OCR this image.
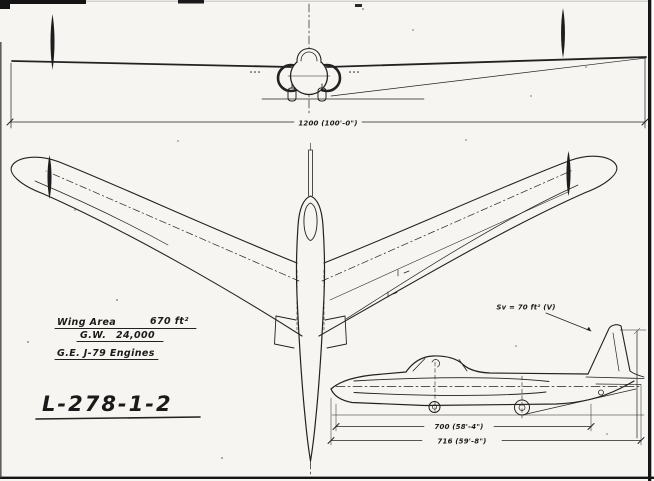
1200 (100'-0")
700 (58'-4")
716 (59'-8")
Sv = 70 ft² (V)
Wing Area	670 ft²
G.W. 24,000
G.E. J-79 Engines
L-278-1-2
